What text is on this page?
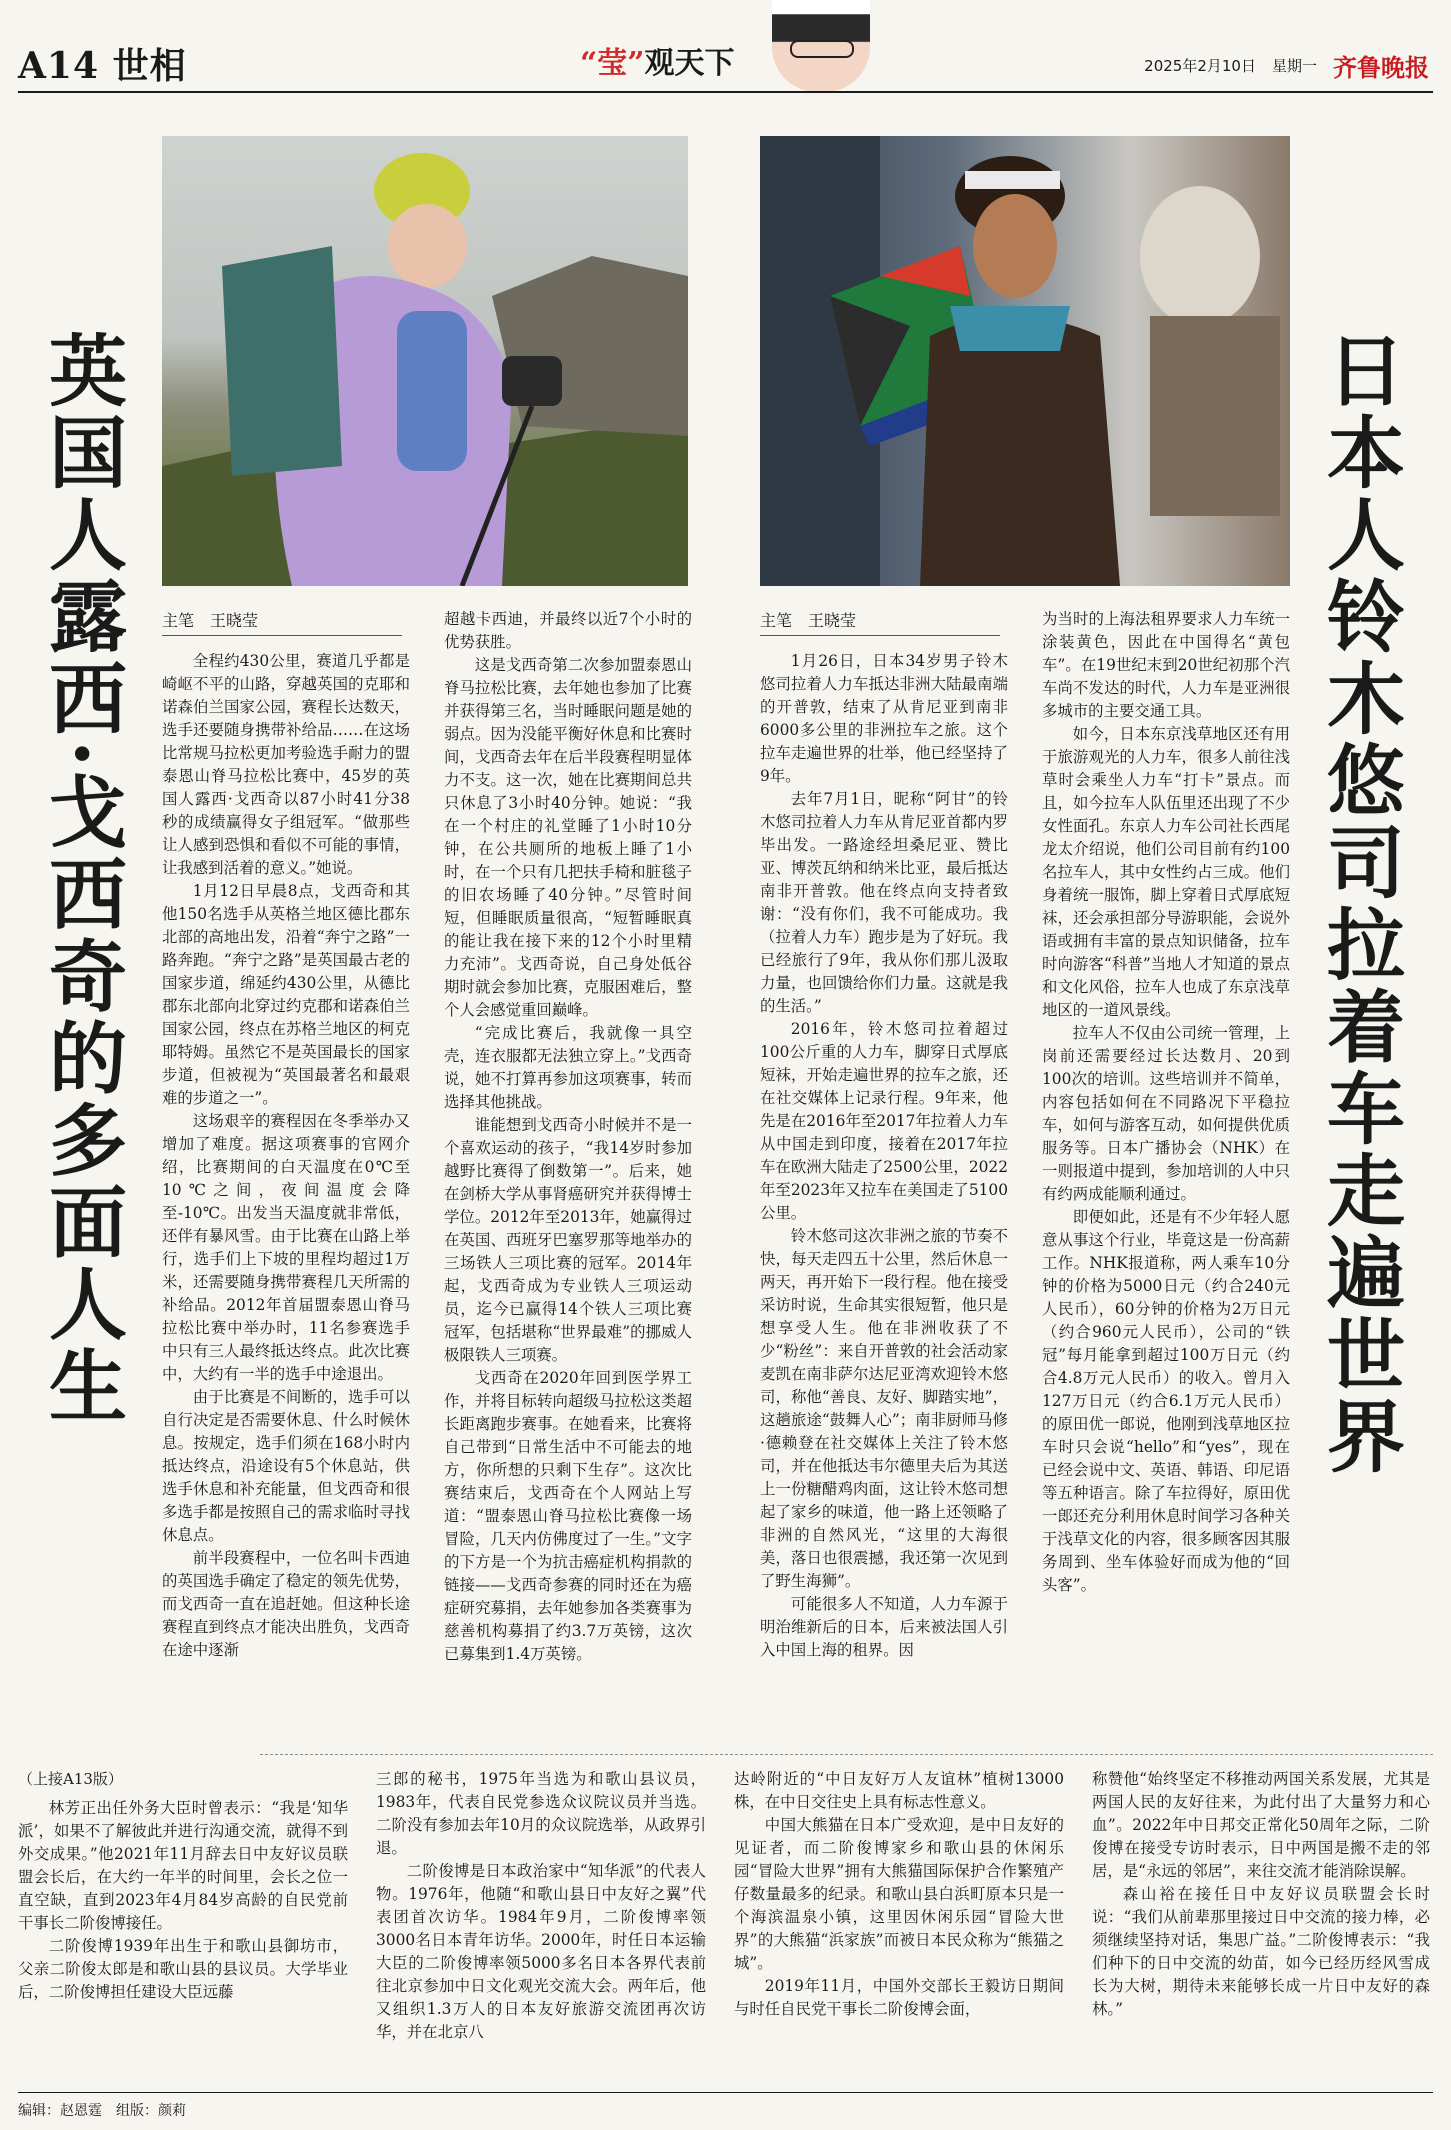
A14 世相	“莹”观天下	2025年2月10日 星期一 齐鲁晚报
英国人露西·戈西奇的多面人生 主笔　王晓莹

全程约430公里，赛道几乎都是崎岖不平的山路，穿越英国的克耶和诺森伯兰国家公园，赛程长达数天，选手还要随身携带补给品……在这场比常规马拉松更加考验选手耐力的盟泰恩山脊马拉松比赛中，45岁的英国人露西·戈西奇以87小时41分38秒的成绩赢得女子组冠军。“做那些让人感到恐惧和看似不可能的事情，让我感到活着的意义。”她说。

1月12日早晨8点，戈西奇和其他150名选手从英格兰地区德比郡东北部的高地出发，沿着“奔宁之路”一路奔跑。“奔宁之路”是英国最古老的国家步道，绵延约430公里，从德比郡东北部向北穿过约克郡和诺森伯兰国家公园，终点在苏格兰地区的柯克耶特姆。虽然它不是英国最长的国家步道，但被视为“英国最著名和最艰难的步道之一”。

这场艰辛的赛程因在冬季举办又增加了难度。据这项赛事的官网介绍，比赛期间的白天温度在0℃至10℃之间，夜间温度会降至-10℃。出发当天温度就非常低，还伴有暴风雪。由于比赛在山路上举行，选手们上下坡的里程均超过1万米，还需要随身携带赛程几天所需的补给品。2012年首届盟泰恩山脊马拉松比赛中举办时，11名参赛选手中只有三人最终抵达终点。此次比赛中，大约有一半的选手中途退出。

由于比赛是不间断的，选手可以自行决定是否需要休息、什么时候休息。按规定，选手们须在168小时内抵达终点，沿途设有5个休息站，供选手休息和补充能量，但戈西奇和很多选手都是按照自己的需求临时寻找休息点。

前半段赛程中，一位名叫卡西迪的英国选手确定了稳定的领先优势，而戈西奇一直在追赶她。但这种长途赛程直到终点才能决出胜负，戈西奇在途中逐渐

超越卡西迪，并最终以近7个小时的优势获胜。

这是戈西奇第二次参加盟泰恩山脊马拉松比赛，去年她也参加了比赛并获得第三名，当时睡眠问题是她的弱点。因为没能平衡好休息和比赛时间，戈西奇去年在后半段赛程明显体力不支。这一次，她在比赛期间总共只休息了3小时40分钟。她说：“我在一个村庄的礼堂睡了1小时10分钟，在公共厕所的地板上睡了1小时，在一个只有几把扶手椅和脏毯子的旧农场睡了40分钟。”尽管时间短，但睡眠质量很高，“短暂睡眠真的能让我在接下来的12个小时里精力充沛”。戈西奇说，自己身处低谷期时就会参加比赛，克服困难后，整个人会感觉重回巅峰。

“完成比赛后，我就像一具空壳，连衣服都无法独立穿上。”戈西奇说，她不打算再参加这项赛事，转而选择其他挑战。

谁能想到戈西奇小时候并不是一个喜欢运动的孩子，“我14岁时参加越野比赛得了倒数第一”。后来，她在剑桥大学从事肾癌研究并获得博士学位。2012年至2013年，她赢得过在英国、西班牙巴塞罗那等地举办的三场铁人三项比赛的冠军。2014年起，戈西奇成为专业铁人三项运动员，迄今已赢得14个铁人三项比赛冠军，包括堪称“世界最难”的挪威人极限铁人三项赛。

戈西奇在2020年回到医学界工作，并将目标转向超级马拉松这类超长距离跑步赛事。在她看来，比赛将自己带到“日常生活中不可能去的地方，你所想的只剩下生存”。这次比赛结束后，戈西奇在个人网站上写道：“盟泰恩山脊马拉松比赛像一场冒险，几天内仿佛度过了一生。”文字的下方是一个为抗击癌症机构捐款的链接——戈西奇参赛的同时还在为癌症研究募捐，去年她参加各类赛事为慈善机构募捐了约3.7万英镑，这次已募集到1.4万英镑。

日本人铃木悠司拉着车走遍世界
主笔　王晓莹

1月26日，日本34岁男子铃木悠司拉着人力车抵达非洲大陆最南端的开普敦，结束了从肯尼亚到南非6000多公里的非洲拉车之旅。这个拉车走遍世界的壮举，他已经坚持了9年。

去年7月1日，昵称“阿甘”的铃木悠司拉着人力车从肯尼亚首都内罗毕出发。一路途经坦桑尼亚、赞比亚、博茨瓦纳和纳米比亚，最后抵达南非开普敦。他在终点向支持者致谢：“没有你们，我不可能成功。我（拉着人力车）跑步是为了好玩。我已经旅行了9年，我从你们那儿汲取力量，也回馈给你们力量。这就是我的生活。”

2016年，铃木悠司拉着超过100公斤重的人力车，脚穿日式厚底短袜，开始走遍世界的拉车之旅，还在社交媒体上记录行程。9年来，他先是在2016年至2017年拉着人力车从中国走到印度，接着在2017年拉车在欧洲大陆走了2500公里，2022年至2023年又拉车在美国走了5100公里。

铃木悠司这次非洲之旅的节奏不快，每天走四五十公里，然后休息一两天，再开始下一段行程。他在接受采访时说，生命其实很短暂，他只是想享受人生。他在非洲收获了不少“粉丝”：来自开普敦的社会活动家麦凯在南非萨尔达尼亚湾欢迎铃木悠司，称他“善良、友好、脚踏实地”，这趟旅途“鼓舞人心”；南非厨师马修·德赖登在社交媒体上关注了铃木悠司，并在他抵达韦尔德里夫后为其送上一份糖醋鸡肉面，这让铃木悠司想起了家乡的味道，他一路上还领略了非洲的自然风光，“这里的大海很美，落日也很震撼，我还第一次见到了野生海狮”。

可能很多人不知道，人力车源于明治维新后的日本，后来被法国人引入中国上海的租界。因

为当时的上海法租界要求人力车统一涂装黄色，因此在中国得名“黄包车”。在19世纪末到20世纪初那个汽车尚不发达的时代，人力车是亚洲很多城市的主要交通工具。

如今，日本东京浅草地区还有用于旅游观光的人力车，很多人前往浅草时会乘坐人力车“打卡”景点。而且，如今拉车人队伍里还出现了不少女性面孔。东京人力车公司社长西尾龙太介绍说，他们公司目前有约100名拉车人，其中女性约占三成。他们身着统一服饰，脚上穿着日式厚底短袜，还会承担部分导游职能，会说外语或拥有丰富的景点知识储备，拉车时向游客“科普”当地人才知道的景点和文化风俗，拉车人也成了东京浅草地区的一道风景线。

拉车人不仅由公司统一管理，上岗前还需要经过长达数月、20到100次的培训。这些培训并不简单，内容包括如何在不同路况下平稳拉车，如何与游客互动，如何提供优质服务等。日本广播协会（NHK）在一则报道中提到，参加培训的人中只有约两成能顺利通过。

即便如此，还是有不少年轻人愿意从事这个行业，毕竟这是一份高薪工作。NHK报道称，两人乘车10分钟的价格为5000日元（约合240元人民币），60分钟的价格为2万日元（约合960元人民币），公司的“铁冠”每月能拿到超过100万日元（约合4.8万元人民币）的收入。曾月入127万日元（约合6.1万元人民币）的原田优一郎说，他刚到浅草地区拉车时只会说“hello”和“yes”，现在已经会说中文、英语、韩语、印尼语等五种语言。除了车拉得好，原田优一郎还充分利用休息时间学习各种关于浅草文化的内容，很多顾客因其服务周到、坐车体验好而成为他的“回头客”。

（上接A13版）

林芳正出任外务大臣时曾表示：“我是‘知华派’，如果不了解彼此并进行沟通交流，就得不到外交成果。”他2021年11月辞去日中友好议员联盟会长后，在大约一年半的时间里，会长之位一直空缺，直到2023年4月84岁高龄的自民党前干事长二阶俊博接任。

二阶俊博1939年出生于和歌山县御坊市，父亲二阶俊太郎是和歌山县的县议员。大学毕业后，二阶俊博担任建设大臣远藤

三郎的秘书，1975年当选为和歌山县议员，1983年，代表自民党参选众议院议员并当选。二阶没有参加去年10月的众议院选举，从政界引退。

二阶俊博是日本政治家中“知华派”的代表人物。1976年，他随“和歌山县日中友好之翼”代表团首次访华。1984年9月，二阶俊博率领3000名日本青年访华。2000年，时任日本运输大臣的二阶俊博率领5000多名日本各界代表前往北京参加中日文化观光交流大会。两年后，他又组织1.3万人的日本友好旅游交流团再次访华，并在北京八

达岭附近的“中日友好万人友谊林”植树13000株，在中日交往史上具有标志性意义。

中国大熊猫在日本广受欢迎，是中日友好的见证者，而二阶俊博家乡和歌山县的休闲乐园“冒险大世界”拥有大熊猫国际保护合作繁殖产仔数量最多的纪录。和歌山县白浜町原本只是一个海滨温泉小镇，这里因休闲乐园“冒险大世界”的大熊猫“浜家族”而被日本民众称为“熊猫之城”。

2019年11月，中国外交部长王毅访日期间与时任自民党干事长二阶俊博会面，

称赞他“始终坚定不移推动两国关系发展，尤其是两国人民的友好往来，为此付出了大量努力和心血”。2022年中日邦交正常化50周年之际，二阶俊博在接受专访时表示，日中两国是搬不走的邻居，是“永远的邻居”，来往交流才能消除误解。

森山裕在接任日中友好议员联盟会长时说：“我们从前辈那里接过日中交流的接力棒，必须继续坚持对话，集思广益。”二阶俊博表示：“我们种下的日中交流的幼苗，如今已经历经风雪成长为大树，期待未来能够长成一片日中友好的森林。”

编辑：赵恩霆　组版：颜莉
